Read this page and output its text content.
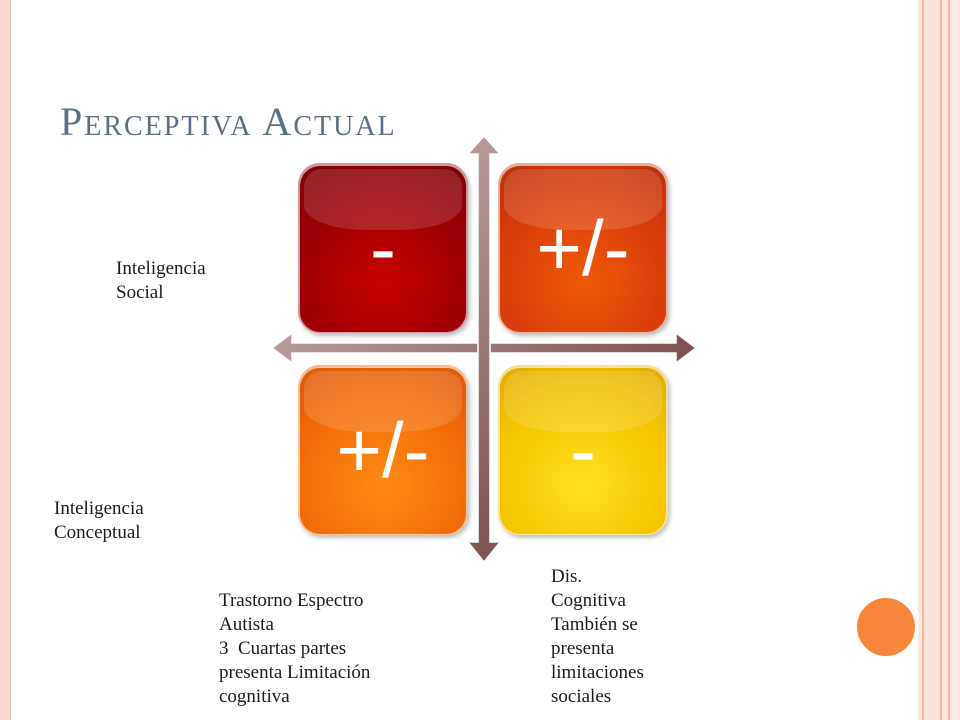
Perceptiva Actual
- +/-
+/- -

Inteligencia
Social

Inteligencia
Conceptual

Trastorno Espectro
Autista
3  Cuartas partes
presenta Limitación
cognitiva

Dis.
Cognitiva
También se
presenta
limitaciones
sociales
